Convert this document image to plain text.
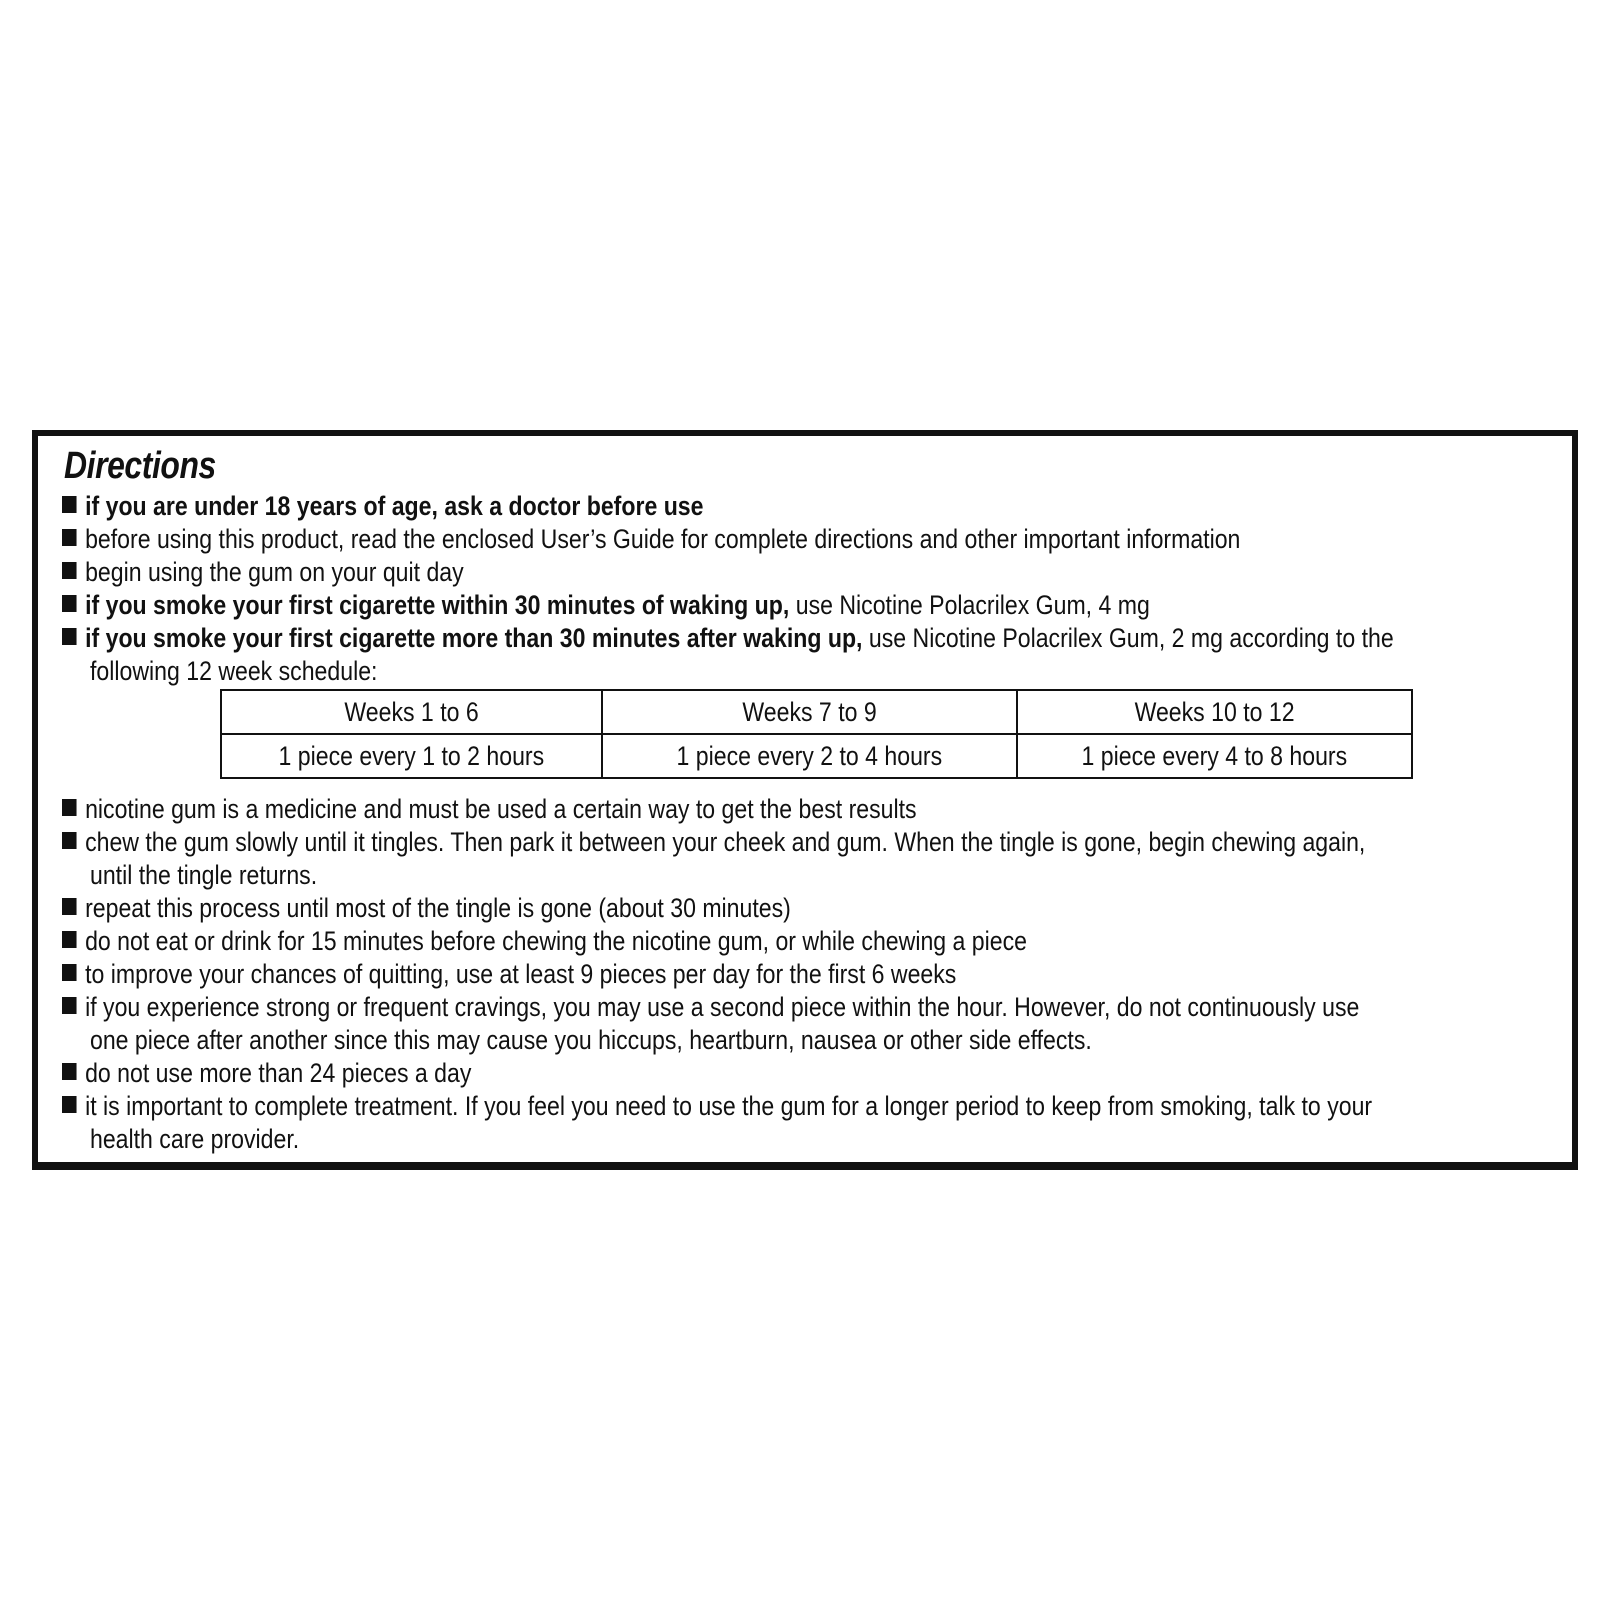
Directions
if you are under 18 years of age, ask a doctor before use
before using this product, read the enclosed User’s Guide for complete directions and other important information
begin using the gum on your quit day
if you smoke your first cigarette within 30 minutes of waking up, use Nicotine Polacrilex Gum, 4 mg
if you smoke your first cigarette more than 30 minutes after waking up, use Nicotine Polacrilex Gum, 2 mg according to the
following 12 week schedule:
Weeks 1 to 6	Weeks 7 to 9	Weeks 10 to 12
1 piece every 1 to 2 hours	1 piece every 2 to 4 hours	1 piece every 4 to 8 hours
nicotine gum is a medicine and must be used a certain way to get the best results
chew the gum slowly until it tingles. Then park it between your cheek and gum. When the tingle is gone, begin chewing again,
until the tingle returns.
repeat this process until most of the tingle is gone (about 30 minutes)
do not eat or drink for 15 minutes before chewing the nicotine gum, or while chewing a piece
to improve your chances of quitting, use at least 9 pieces per day for the first 6 weeks
if you experience strong or frequent cravings, you may use a second piece within the hour. However, do not continuously use
one piece after another since this may cause you hiccups, heartburn, nausea or other side effects.
do not use more than 24 pieces a day
it is important to complete treatment. If you feel you need to use the gum for a longer period to keep from smoking, talk to your
health care provider.
